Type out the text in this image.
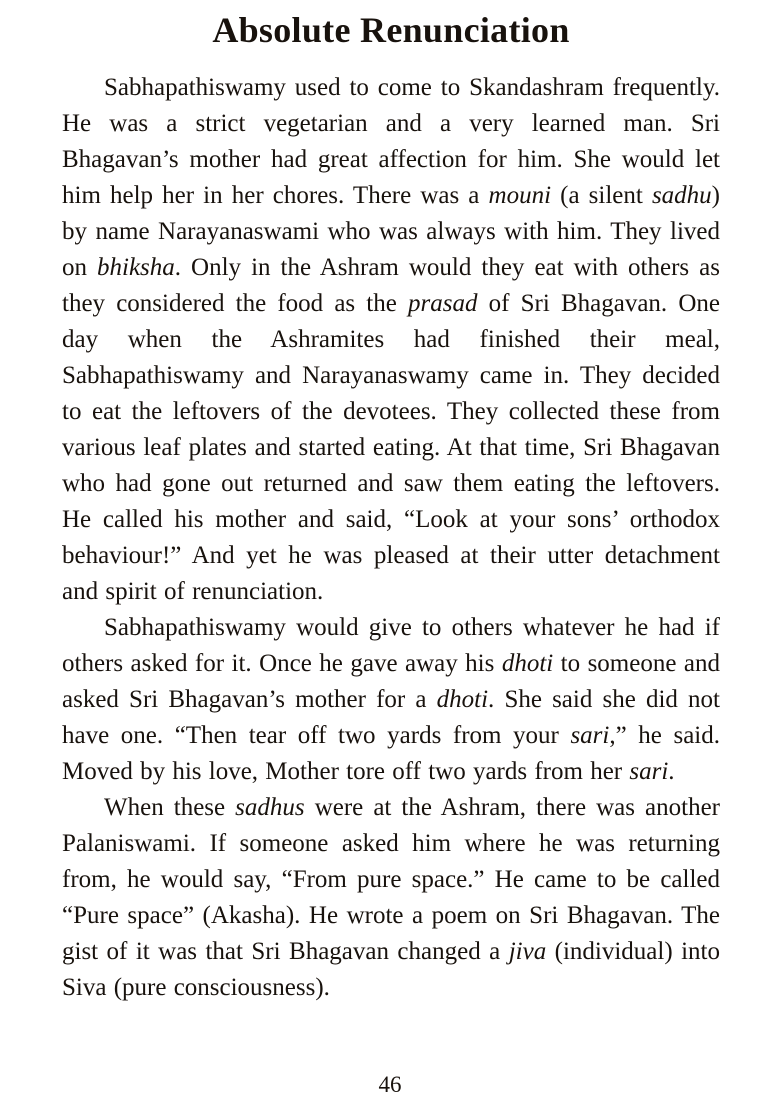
Absolute Renunciation

Sabhapathiswamy used to come to Skandashram frequently. He was a strict vegetarian and a very learned man. Sri Bhagavan’s mother had great affection for him. She would let him help her in her chores. There was a mouni (a silent sadhu) by name Narayanaswami who was always with him. They lived on bhiksha. Only in the Ashram would they eat with others as they considered the food as the prasad of Sri Bhagavan. One day when the Ashramites had finished their meal, Sabhapathiswamy and Narayanaswamy came in. They decided to eat the leftovers of the devotees. They collected these from various leaf plates and started eating. At that time, Sri Bhagavan who had gone out returned and saw them eating the leftovers. He called his mother and said, “Look at your sons’ orthodox behaviour!” And yet he was pleased at their utter detachment and spirit of renunciation.

Sabhapathiswamy would give to others whatever he had if others asked for it. Once he gave away his dhoti to someone and asked Sri Bhagavan’s mother for a dhoti. She said she did not have one. “Then tear off two yards from your sari,” he said. Moved by his love, Mother tore off two yards from her sari.

When these sadhus were at the Ashram, there was another Palaniswami. If someone asked him where he was returning from, he would say, “From pure space.” He came to be called “Pure space” (Akasha). He wrote a poem on Sri Bhagavan. The gist of it was that Sri Bhagavan changed a jiva (individual) into Siva (pure consciousness).

46
